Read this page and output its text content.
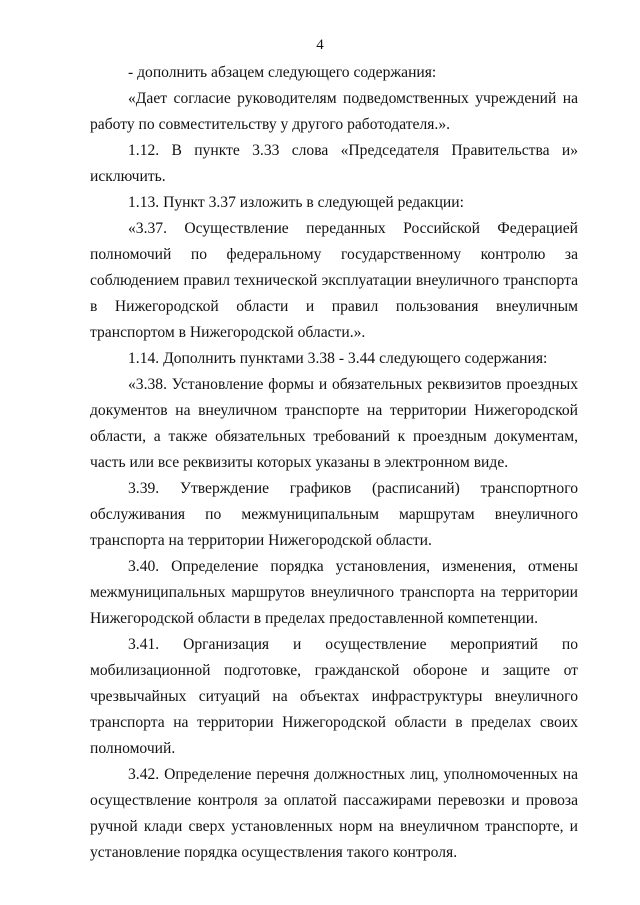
4

- дополнить абзацем следующего содержания:

«Дает согласие руководителям подведомственных учреждений на работу по совместительству у другого работодателя.».

1.12. В пункте 3.33 слова «Председателя Правительства и» исключить.

1.13. Пункт 3.37 изложить в следующей редакции:

«3.37. Осуществление переданных Российской Федерацией полномочий по федеральному государственному контролю за соблюдением правил технической эксплуатации внеуличного транспорта в Нижегородской области и правил пользования внеуличным транспортом в Нижегородской области.».

1.14. Дополнить пунктами 3.38 - 3.44 следующего содержания:

«3.38. Установление формы и обязательных реквизитов проездных документов на внеуличном транспорте на территории Нижегородской области, а также обязательных требований к проездным документам, часть или все реквизиты которых указаны в электронном виде.

3.39. Утверждение графиков (расписаний) транспортного обслуживания по межмуниципальным маршрутам внеуличного транспорта на территории Нижегородской области.

3.40. Определение порядка установления, изменения, отмены межмуниципальных маршрутов внеуличного транспорта на территории Нижегородской области в пределах предоставленной компетенции.

3.41. Организация и осуществление мероприятий по мобилизационной подготовке, гражданской обороне и защите от чрезвычайных ситуаций на объектах инфраструктуры внеуличного транспорта на территории Нижегородской области в пределах своих полномочий.

3.42. Определение перечня должностных лиц, уполномоченных на осуществление контроля за оплатой пассажирами перевозки и провоза ручной клади сверх установленных норм на внеуличном транспорте, и установление порядка осуществления такого контроля.
